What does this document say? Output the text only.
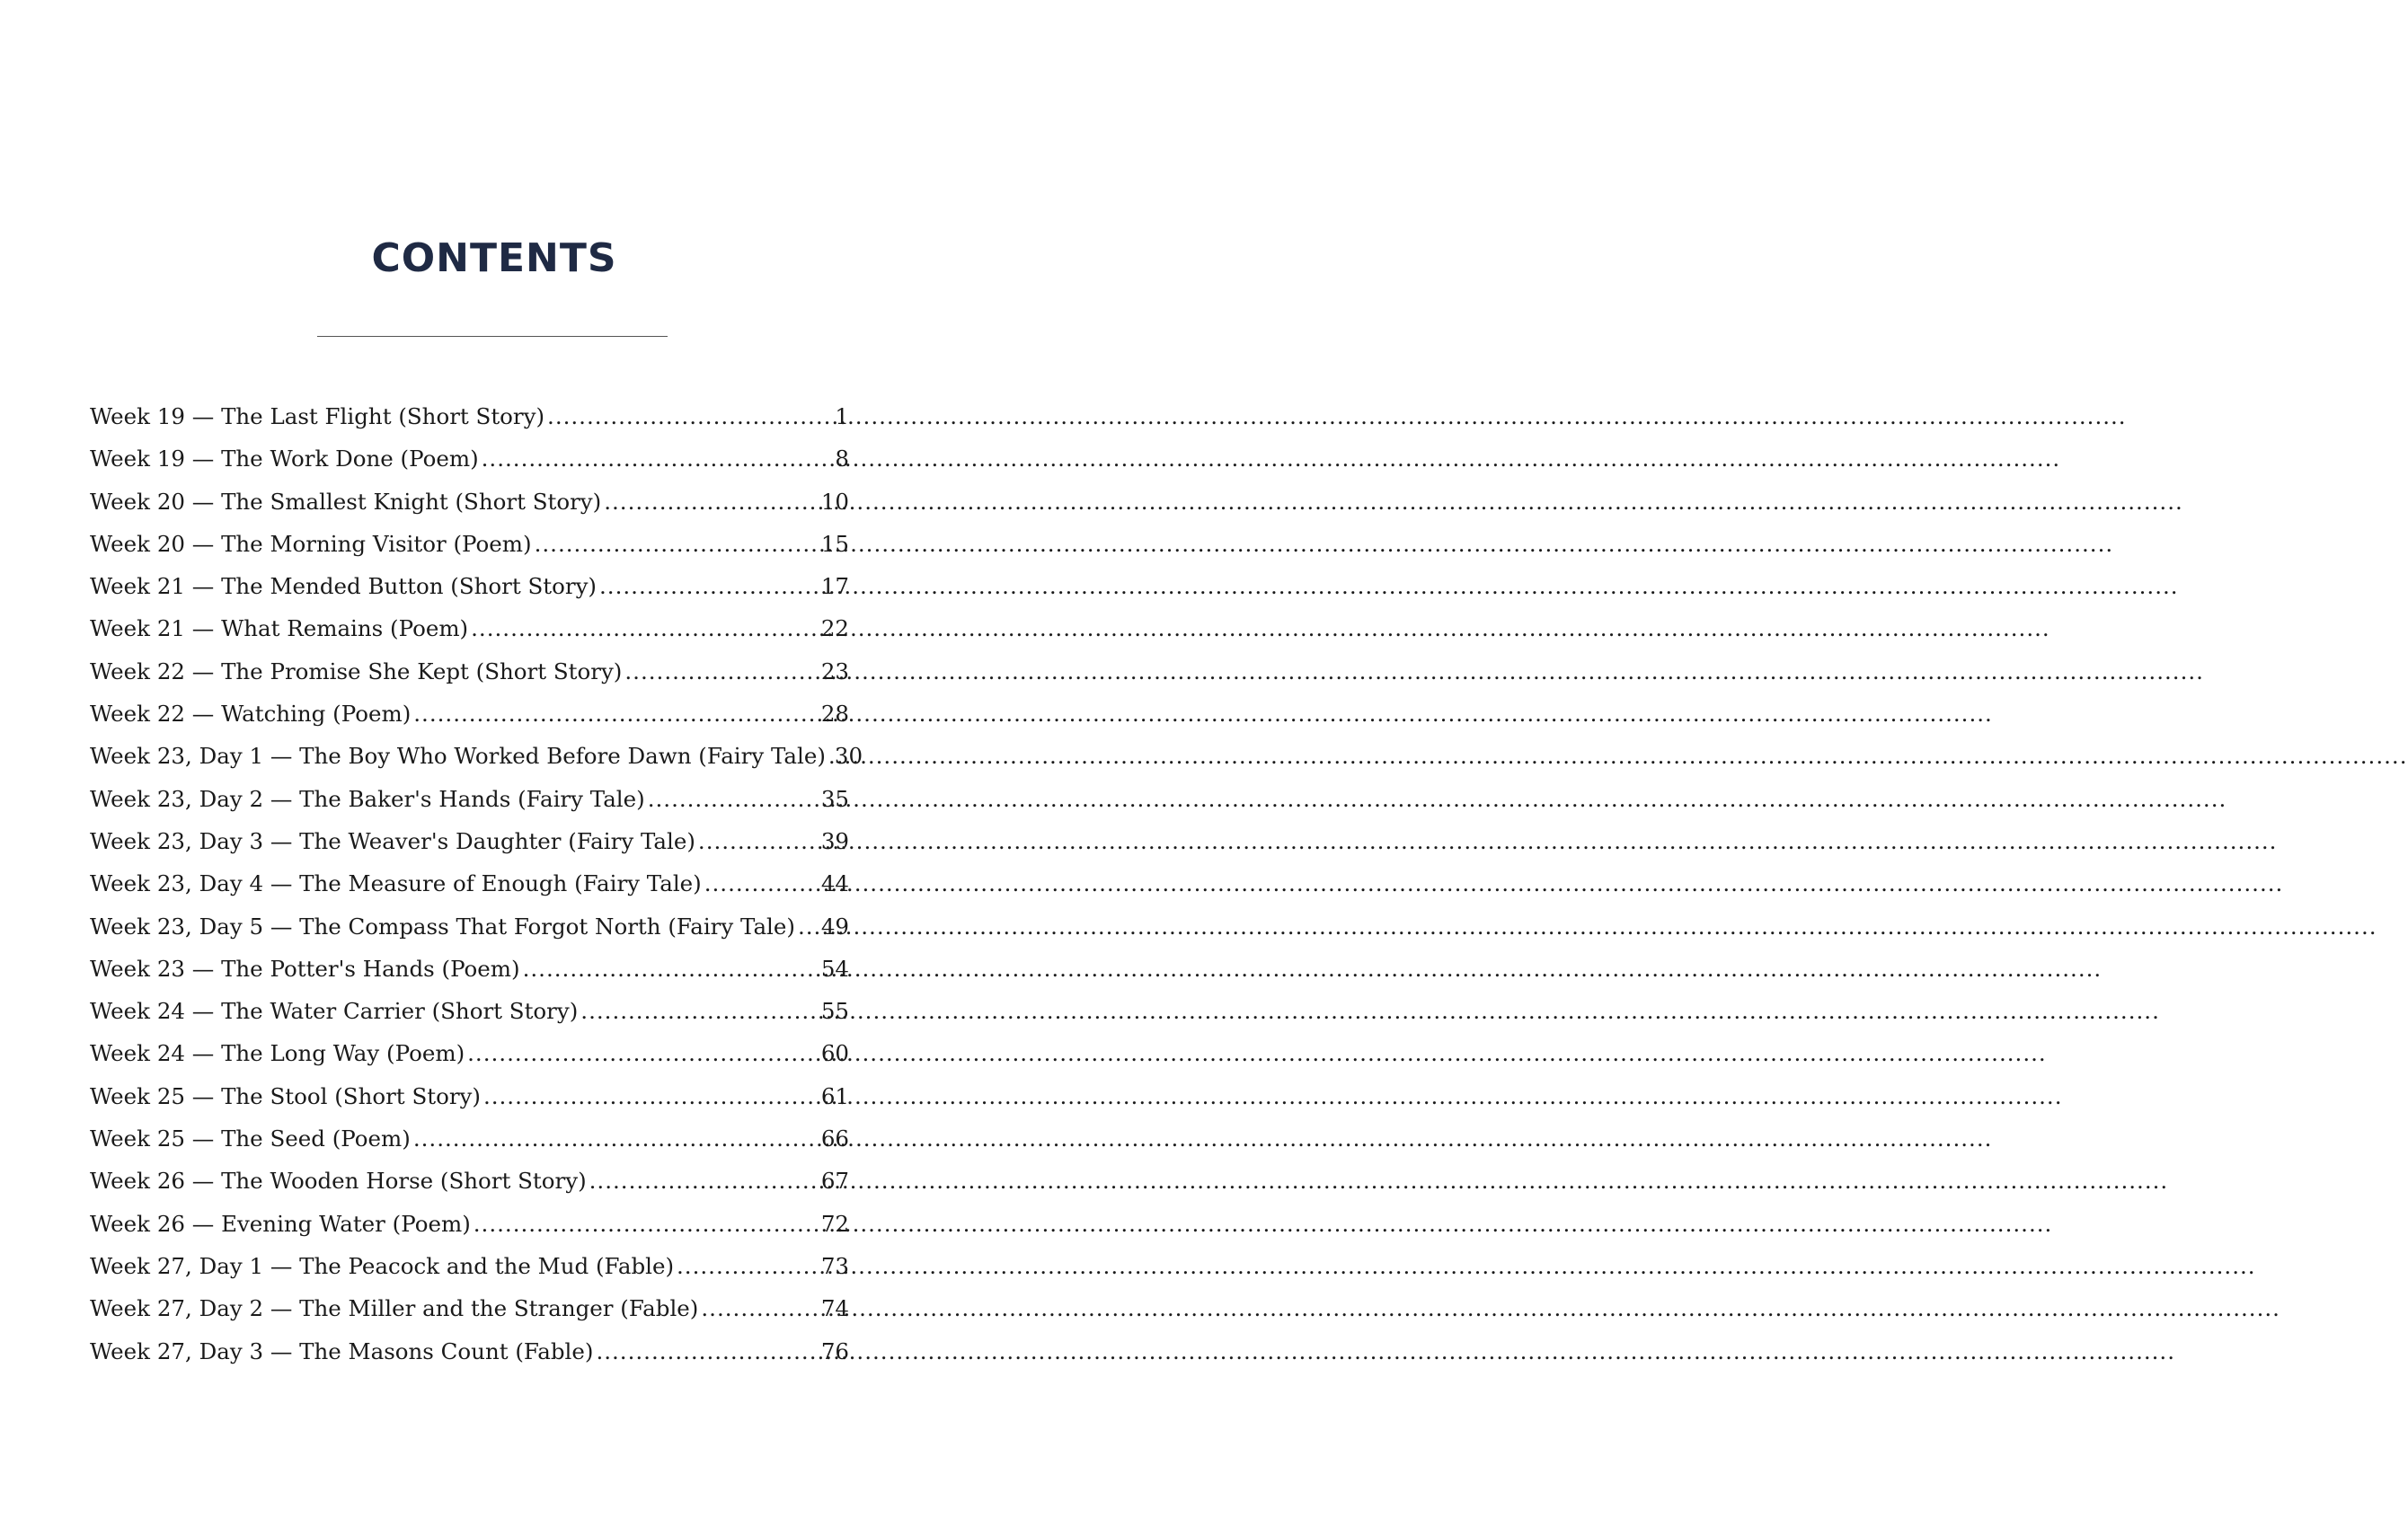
CONTENTS
Week 19 — The Last Flight (Short Story) .....	1
Week 19 — The Work Done (Poem) .....	8
Week 20 — The Smallest Knight (Short Story) .....	10
Week 20 — The Morning Visitor (Poem) .....	15
Week 21 — The Mended Button (Short Story) .....	17
Week 21 — What Remains (Poem) .....	22
Week 22 — The Promise She Kept (Short Story) .....	23
Week 22 — Watching (Poem) .....	28
Week 23, Day 1 — The Boy Who Worked Before Dawn (Fairy Tale) ..... 30
Week 23, Day 2 — The Baker's Hands (Fairy Tale) .....	35
Week 23, Day 3 — The Weaver's Daughter (Fairy Tale) .....	39
Week 23, Day 4 — The Measure of Enough (Fairy Tale) .....	44
Week 23, Day 5 — The Compass That Forgot North (Fairy Tale) ..... 49
Week 23 — The Potter's Hands (Poem) .....	54
Week 24 — The Water Carrier (Short Story) .....	55
Week 24 — The Long Way (Poem) .....	60
Week 25 — The Stool (Short Story) .....	61
Week 25 — The Seed (Poem) .....	66
Week 26 — The Wooden Horse (Short Story) .....	67
Week 26 — Evening Water (Poem) .....	72
Week 27, Day 1 — The Peacock and the Mud (Fable) .....	73
Week 27, Day 2 — The Miller and the Stranger (Fable) .....	74
Week 27, Day 3 — The Masons Count (Fable) .....	76
